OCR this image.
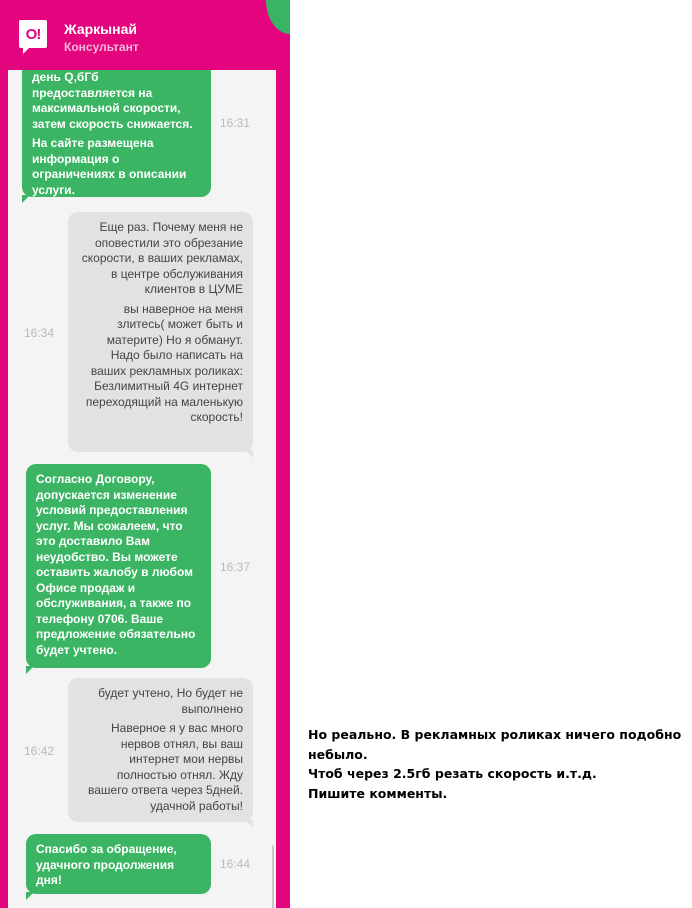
О!	Жаркынай
Консультант

день Q,бГб предоставляется на максимальной скорости, затем скорость снижается.

На сайте размещена информация о ограничениях в описании услуги.

16:31

Еще раз. Почему меня не оповестили это обрезание скорости, в ваших рекламах, в центре обслуживания клиентов в ЦУМЕ

вы наверное на меня злитесь( может быть и материте) Но я обманут. Надо было написать на ваших рекламных роликах: Безлимитный 4G интернет переходящий на маленькую скорость!

16:34

Согласно Договору, допускается изменение условий предоставления услуг. Мы сожалеем, что это доставило Вам неудобство. Вы можете оставить жалобу в любом Офисе продаж и обслуживания, а также по телефону 0706. Ваше предложение обязательно будет учтено.

16:37

будет учтено, Но будет не выполнено

Наверное я у вас много нервов отнял, вы ваш интернет мои нервы полностью отнял. Жду вашего ответа через 5дней. удачной работы!

16:42

Спасибо за обращение, удачного продолжения дня!

16:44
Но реально. В рекламных роликах ничего подобно
небыло.
Чтоб через 2.5гб резать скорость и.т.д.
Пишите комменты.
